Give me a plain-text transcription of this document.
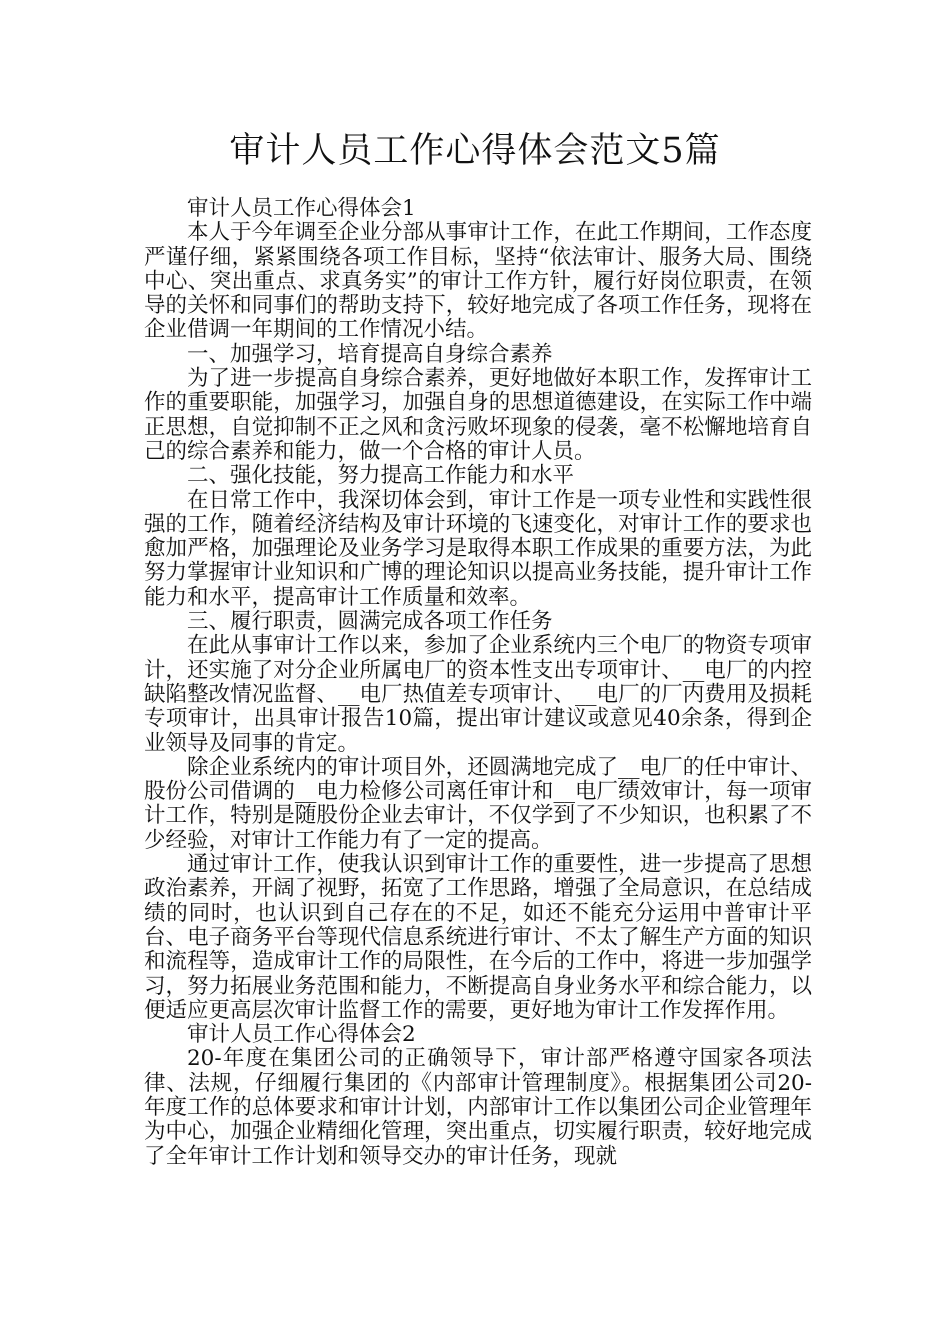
审计人员工作心得体会范文5篇

审计人员工作心得体会1

本人于今年调至企业分部从事审计工作，在此工作期间，工作态度严谨仔细，紧紧围绕各项工作目标，坚持“依法审计、服务大局、围绕中心、突出重点、求真务实”的审计工作方针，履行好岗位职责，在领导的关怀和同事们的帮助支持下，较好地完成了各项工作任务，现将在企业借调一年期间的工作情况小结。

一、加强学习，培育提高自身综合素养

为了进一步提高自身综合素养，更好地做好本职工作，发挥审计工作的重要职能，加强学习，加强自身的思想道德建设，在实际工作中端正思想，自觉抑制不正之风和贪污败坏现象的侵袭，毫不松懈地培育自己的综合素养和能力，做一个合格的审计人员。

二、强化技能，努力提高工作能力和水平

在日常工作中，我深切体会到，审计工作是一项专业性和实践性很强的工作，随着经济结构及审计环境的飞速变化，对审计工作的要求也愈加严格，加强理论及业务学习是取得本职工作成果的重要方法，为此努力掌握审计业知识和广博的理论知识以提高业务技能，提升审计工作能力和水平，提高审计工作质量和效率。

三、履行职责，圆满完成各项工作任务

在此从事审计工作以来，参加了企业系统内三个电厂的物资专项审计，还实施了对分企业所属电厂的资本性支出专项审计、__电厂的内控缺陷整改情况监督、__电厂热值差专项审计、__电厂的厂内费用及损耗专项审计，出具审计报告10篇，提出审计建议或意见40余条，得到企业领导及同事的肯定。

除企业系统内的审计项目外，还圆满地完成了__电厂的任中审计、股份公司借调的__电力检修公司离任审计和__电厂绩效审计，每一项审计工作，特别是随股份企业去审计，不仅学到了不少知识，也积累了不少经验，对审计工作能力有了一定的提高。

通过审计工作，使我认识到审计工作的重要性，进一步提高了思想政治素养，开阔了视野，拓宽了工作思路，增强了全局意识，在总结成绩的同时，也认识到自己存在的不足，如还不能充分运用中普审计平台、电子商务平台等现代信息系统进行审计、不太了解生产方面的知识和流程等，造成审计工作的局限性，在今后的工作中，将进一步加强学习，努力拓展业务范围和能力，不断提高自身业务水平和综合能力，以便适应更高层次审计监督工作的需要，更好地为审计工作发挥作用。

审计人员工作心得体会2

20-年度在集团公司的正确领导下，审计部严格遵守国家各项法律、法规，仔细履行集团的《内部审计管理制度》。根据集团公司20-年度工作的总体要求和审计计划，内部审计工作以集团公司企业管理年为中心，加强企业精细化管理，突出重点，切实履行职责，较好地完成了全年审计工作计划和领导交办的审计任务，现就
